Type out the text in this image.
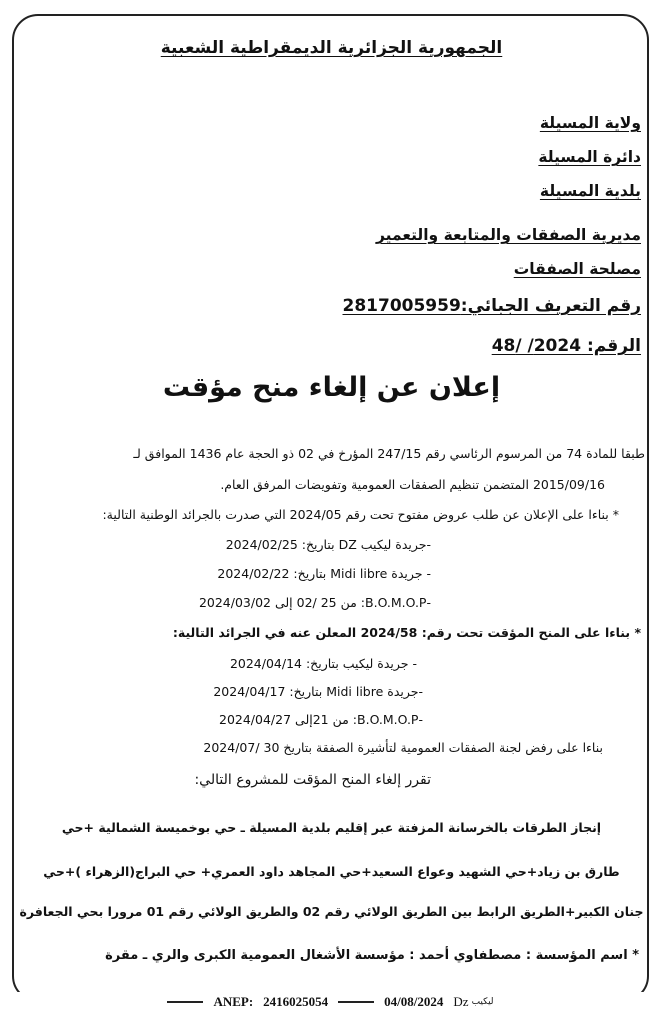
الجمهورية الجزائرية الديمقراطية الشعبية
ولاية المسيلة
دائرة المسيلة
بلدية المسيلة
مديرية الصفقات والمتابعة والتعمير
مصلحة الصفقات
رقم التعريف الجبائي:2817005959
الرقم: 2024/ /48
إعلان عن إلغاء منح مؤقت
طبقا للمادة 74 من المرسوم الرئاسي رقم 247/15 المؤرخ في 02 ذو الحجة عام 1436 الموافق لـ
2015/09/16 المتضمن تنظيم الصفقات العمومية وتفويضات المرفق العام.
* بناءا على الإعلان عن طلب عروض مفتوح تحت رقم 2024/05 التي صدرت بالجرائد الوطنية التالية:
-جريدة ليكيب DZ بتاريخ: 2024/02/25
- جريدة Midi libre بتاريخ: 2024/02/22
-B.O.M.O.P: من 25 /02 إلى 2024/03/02
* بناءا على المنح المؤقت تحت رقم: 2024/58 المعلن عنه في الجرائد التالية:
- جريدة ليكيب بتاريخ: 2024/04/14
-جريدة Midi libre بتاريخ: 2024/04/17
-B.O.M.O.P: من 21إلى 2024/04/27
بناءا على رفض لجنة الصفقات العمومية لتأشيرة الصفقة بتاريخ 30 /2024/07
تقرر إلغاء المنح المؤقت للمشروع التالي:
إنجاز الطرقات بالخرسانة المزفتة عبر إقليم بلدية المسيلة ـ حي بوخميسة الشمالية +حي
طارق بن زياد+حي الشهيد وعواع السعيد+حي المجاهد داود العمري+ حي البراج(الزهراء )+حي
جنان الكبير+الطريق الرابط بين الطريق الولائي رقم 02 والطريق الولائي رقم 01 مرورا بحي الجعافرة
* اسم المؤسسة : مصطفاوي أحمد : مؤسسة الأشغال العمومية الكبرى والري ـ مقرة
ANEP: 2416025054	04/08/2024 Dz ليكيب
